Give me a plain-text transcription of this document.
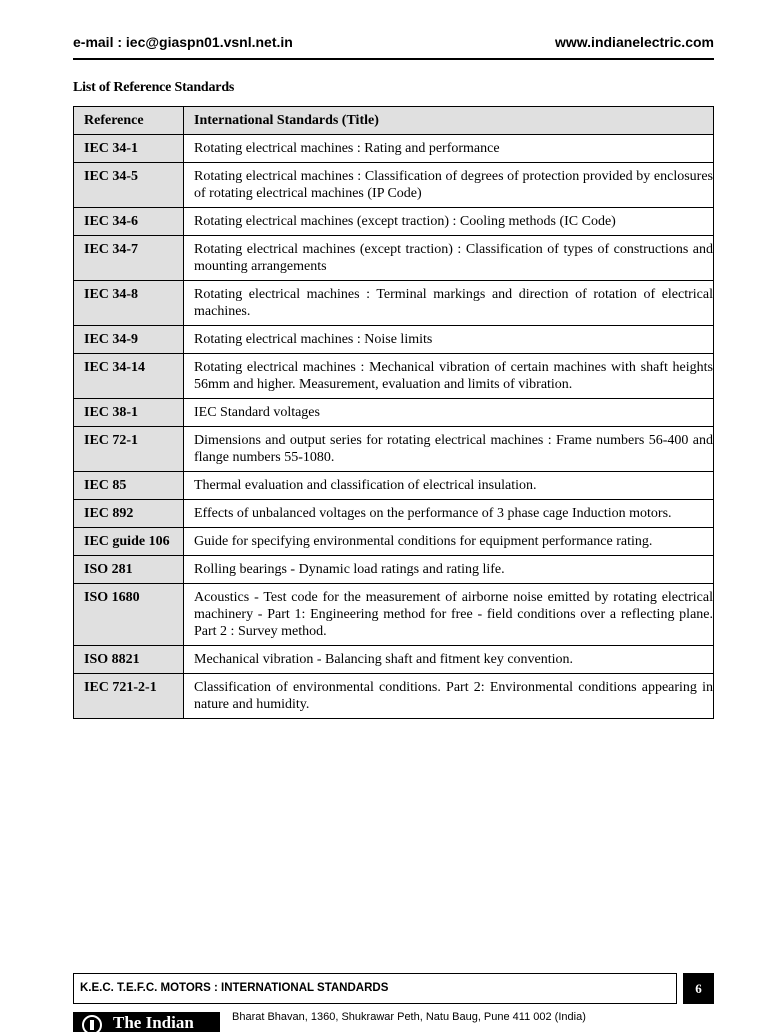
e-mail : iec@giaspn01.vsnl.net.in	www.indianelectric.com
List of Reference Standards
Reference	International Standards (Title)
IEC 34-1	Rotating electrical machines : Rating and performance
IEC 34-5	Rotating electrical machines : Classification of degrees of protection provided by enclosures of rotating electrical machines (IP Code)
IEC 34-6	Rotating electrical machines (except traction) : Cooling methods (IC Code)
IEC 34-7	Rotating electrical machines (except traction) : Classification of types of constructions and mounting arrangements
IEC 34-8	Rotating electrical machines : Terminal markings and direction of rotation of electrical machines.
IEC 34-9	Rotating electrical machines : Noise limits
IEC 34-14	Rotating electrical machines : Mechanical vibration of certain machines with shaft heights 56mm and higher. Measurement, evaluation and limits of vibration.
IEC 38-1	IEC Standard voltages
IEC 72-1	Dimensions and output series for rotating electrical machines : Frame numbers 56-400 and flange numbers 55-1080.
IEC 85	Thermal evaluation and classification of electrical insulation.
IEC 892	Effects of unbalanced voltages on the performance of 3 phase cage Induction motors.
IEC guide 106	Guide for specifying environmental conditions for equipment performance rating.
ISO 281	Rolling bearings - Dynamic load ratings and rating life.
ISO 1680	Acoustics - Test code for the measurement of airborne noise emitted by rotating electrical machinery - Part 1: Engineering method for free - field conditions over a reflecting plane. Part 2 : Survey method.
ISO 8821	Mechanical vibration - Balancing shaft and fitment key convention.
IEC 721-2-1	Classification of environmental conditions. Part 2: Environmental conditions appearing in nature and humidity.
K.E.C. T.E.F.C. MOTORS : INTERNATIONAL STANDARDS	6
The Indian	Bharat Bhavan, 1360, Shukrawar Peth, Natu Baug, Pune 411 002 (India)
